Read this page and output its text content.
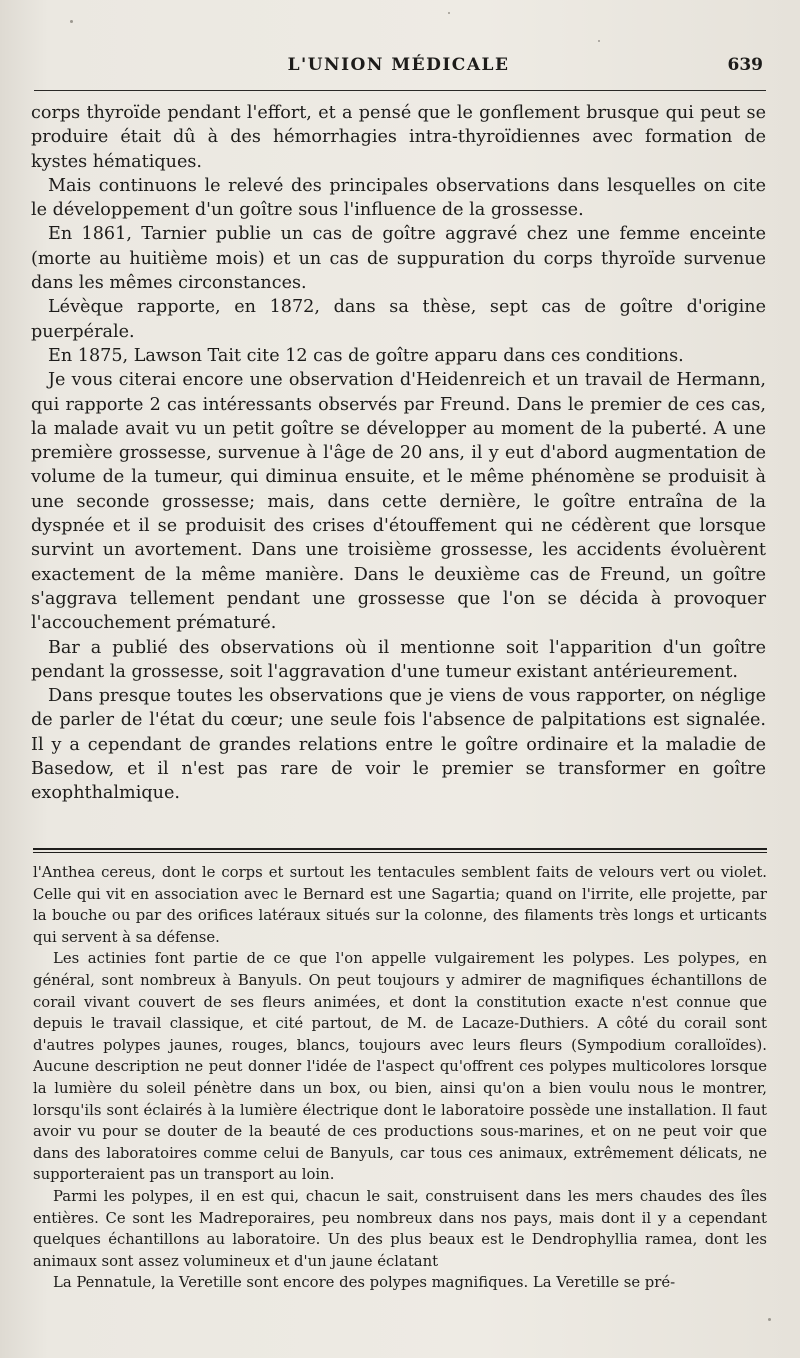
L'UNION MÉDICALE	639

corps thyroïde pendant l'effort, et a pensé que le gonflement brusque qui peut se produire était dû à des hémorrhagies intra-thyroïdiennes avec formation de kystes hématiques.

Mais continuons le relevé des principales observations dans lesquelles on cite le développement d'un goître sous l'influence de la grossesse.

En 1861, Tarnier publie un cas de goître aggravé chez une femme enceinte (morte au huitième mois) et un cas de suppuration du corps thyroïde survenue dans les mêmes circonstances.

Lévèque rapporte, en 1872, dans sa thèse, sept cas de goître d'origine puerpérale.

En 1875, Lawson Tait cite 12 cas de goître apparu dans ces conditions.

Je vous citerai encore une observation d'Heidenreich et un travail de Hermann, qui rapporte 2 cas intéressants observés par Freund. Dans le premier de ces cas, la malade avait vu un petit goître se développer au moment de la puberté. A une première grossesse, survenue à l'âge de 20 ans, il y eut d'abord augmentation de volume de la tumeur, qui diminua ensuite, et le même phénomène se produisit à une seconde grossesse; mais, dans cette dernière, le goître entraîna de la dyspnée et il se produisit des crises d'étouffement qui ne cédèrent que lorsque survint un avortement. Dans une troisième grossesse, les accidents évoluèrent exactement de la même manière. Dans le deuxième cas de Freund, un goître s'aggrava tellement pendant une grossesse que l'on se décida à provoquer l'accouchement prématuré.

Bar a publié des observations où il mentionne soit l'apparition d'un goître pendant la grossesse, soit l'aggravation d'une tumeur existant antérieurement.

Dans presque toutes les observations que je viens de vous rapporter, on néglige de parler de l'état du cœur; une seule fois l'absence de palpitations est signalée. Il y a cependant de grandes relations entre le goître ordinaire et la maladie de Basedow, et il n'est pas rare de voir le premier se transformer en goître exophthalmique.

l'Anthea cereus, dont le corps et surtout les tentacules semblent faits de velours vert ou violet. Celle qui vit en association avec le Bernard est une Sagartia; quand on l'irrite, elle projette, par la bouche ou par des orifices latéraux situés sur la colonne, des filaments très longs et urticants qui servent à sa défense.

Les actinies font partie de ce que l'on appelle vulgairement les polypes. Les polypes, en général, sont nombreux à Banyuls. On peut toujours y admirer de magnifiques échantillons de corail vivant couvert de ses fleurs animées, et dont la constitution exacte n'est connue que depuis le travail classique, et cité partout, de M. de Lacaze-Duthiers. A côté du corail sont d'autres polypes jaunes, rouges, blancs, toujours avec leurs fleurs (Sympodium coralloïdes). Aucune description ne peut donner l'idée de l'aspect qu'offrent ces polypes multicolores lorsque la lumière du soleil pénètre dans un box, ou bien, ainsi qu'on a bien voulu nous le montrer, lorsqu'ils sont éclairés à la lumière électrique dont le laboratoire possède une installation. Il faut avoir vu pour se douter de la beauté de ces productions sous-marines, et on ne peut voir que dans des laboratoires comme celui de Banyuls, car tous ces animaux, extrêmement délicats, ne supporteraient pas un transport au loin.

Parmi les polypes, il en est qui, chacun le sait, construisent dans les mers chaudes des îles entières. Ce sont les Madreporaires, peu nombreux dans nos pays, mais dont il y a cependant quelques échantillons au laboratoire. Un des plus beaux est le Dendrophyllia ramea, dont les animaux sont assez volumineux et d'un jaune éclatant

La Pennatule, la Veretille sont encore des polypes magnifiques. La Veretille se pré-
